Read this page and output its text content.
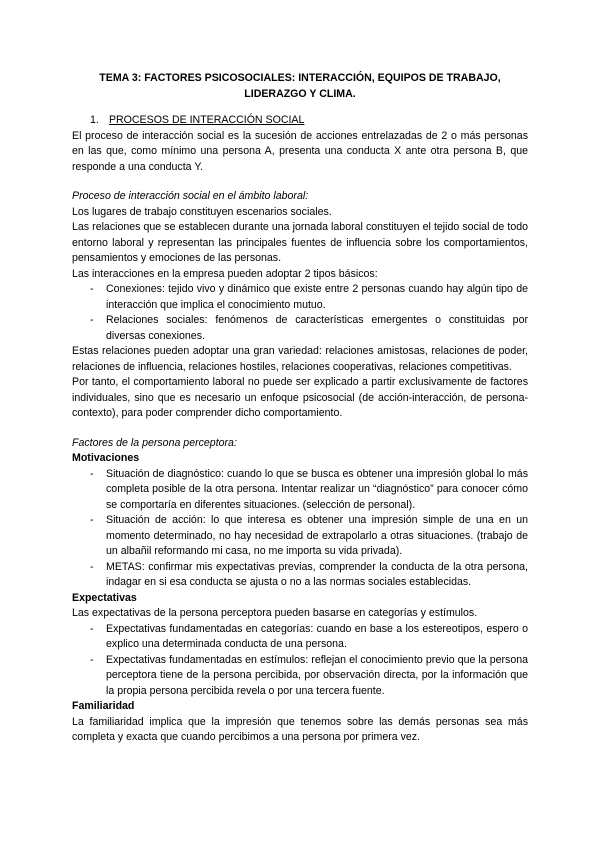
TEMA 3: FACTORES PSICOSOCIALES: INTERACCIÓN, EQUIPOS DE TRABAJO, LIDERAZGO Y CLIMA.
1. PROCESOS DE INTERACCIÓN SOCIAL

El proceso de interacción social es la sucesión de acciones entrelazadas de 2 o más personas en las que, como mínimo una persona A, presenta una conducta X ante otra persona B, que responde a una conducta Y.

Proceso de interacción social en el ámbito laboral:

Los lugares de trabajo constituyen escenarios sociales.

Las relaciones que se establecen durante una jornada laboral constituyen el tejido social de todo entorno laboral y representan las principales fuentes de influencia sobre los comportamientos, pensamientos y emociones de las personas.

Las interacciones en la empresa pueden adoptar 2 tipos básicos:

- Conexiones: tejido vivo y dinámico que existe entre 2 personas cuando hay algún tipo de interacción que implica el conocimiento mutuo.
- Relaciones sociales: fenómenos de características emergentes o constituidas por diversas conexiones.

Estas relaciones pueden adoptar una gran variedad: relaciones amistosas, relaciones de poder, relaciones de influencia, relaciones hostiles, relaciones cooperativas, relaciones competitivas.

Por tanto, el comportamiento laboral no puede ser explicado a partir exclusivamente de factores individuales, sino que es necesario un enfoque psicosocial (de acción-interacción, de persona-contexto), para poder comprender dicho comportamiento.

Factores de la persona perceptora:

Motivaciones

- Situación de diagnóstico: cuando lo que se busca es obtener una impresión global lo más completa posible de la otra persona. Intentar realizar un “diagnóstico” para conocer cómo se comportaría en diferentes situaciones. (selección de personal).
- Situación de acción: lo que interesa es obtener una impresión simple de una en un momento determinado, no hay necesidad de extrapolarlo a otras situaciones. (trabajo de un albañil reformando mi casa, no me importa su vida privada).
- METAS: confirmar mis expectativas previas, comprender la conducta de la otra persona, indagar en si esa conducta se ajusta o no a las normas sociales establecidas.

Expectativas

Las expectativas de la persona perceptora pueden basarse en categorías y estímulos.

- Expectativas fundamentadas en categorías: cuando en base a los estereotipos, espero o explico una determinada conducta de una persona.
- Expectativas fundamentadas en estímulos: reflejan el conocimiento previo que la persona perceptora tiene de la persona percibida, por observación directa, por la información que la propia persona percibida revela o por una tercera fuente.

Familiaridad

La familiaridad implica que la impresión que tenemos sobre las demás personas sea más completa y exacta que cuando percibimos a una persona por primera vez.
